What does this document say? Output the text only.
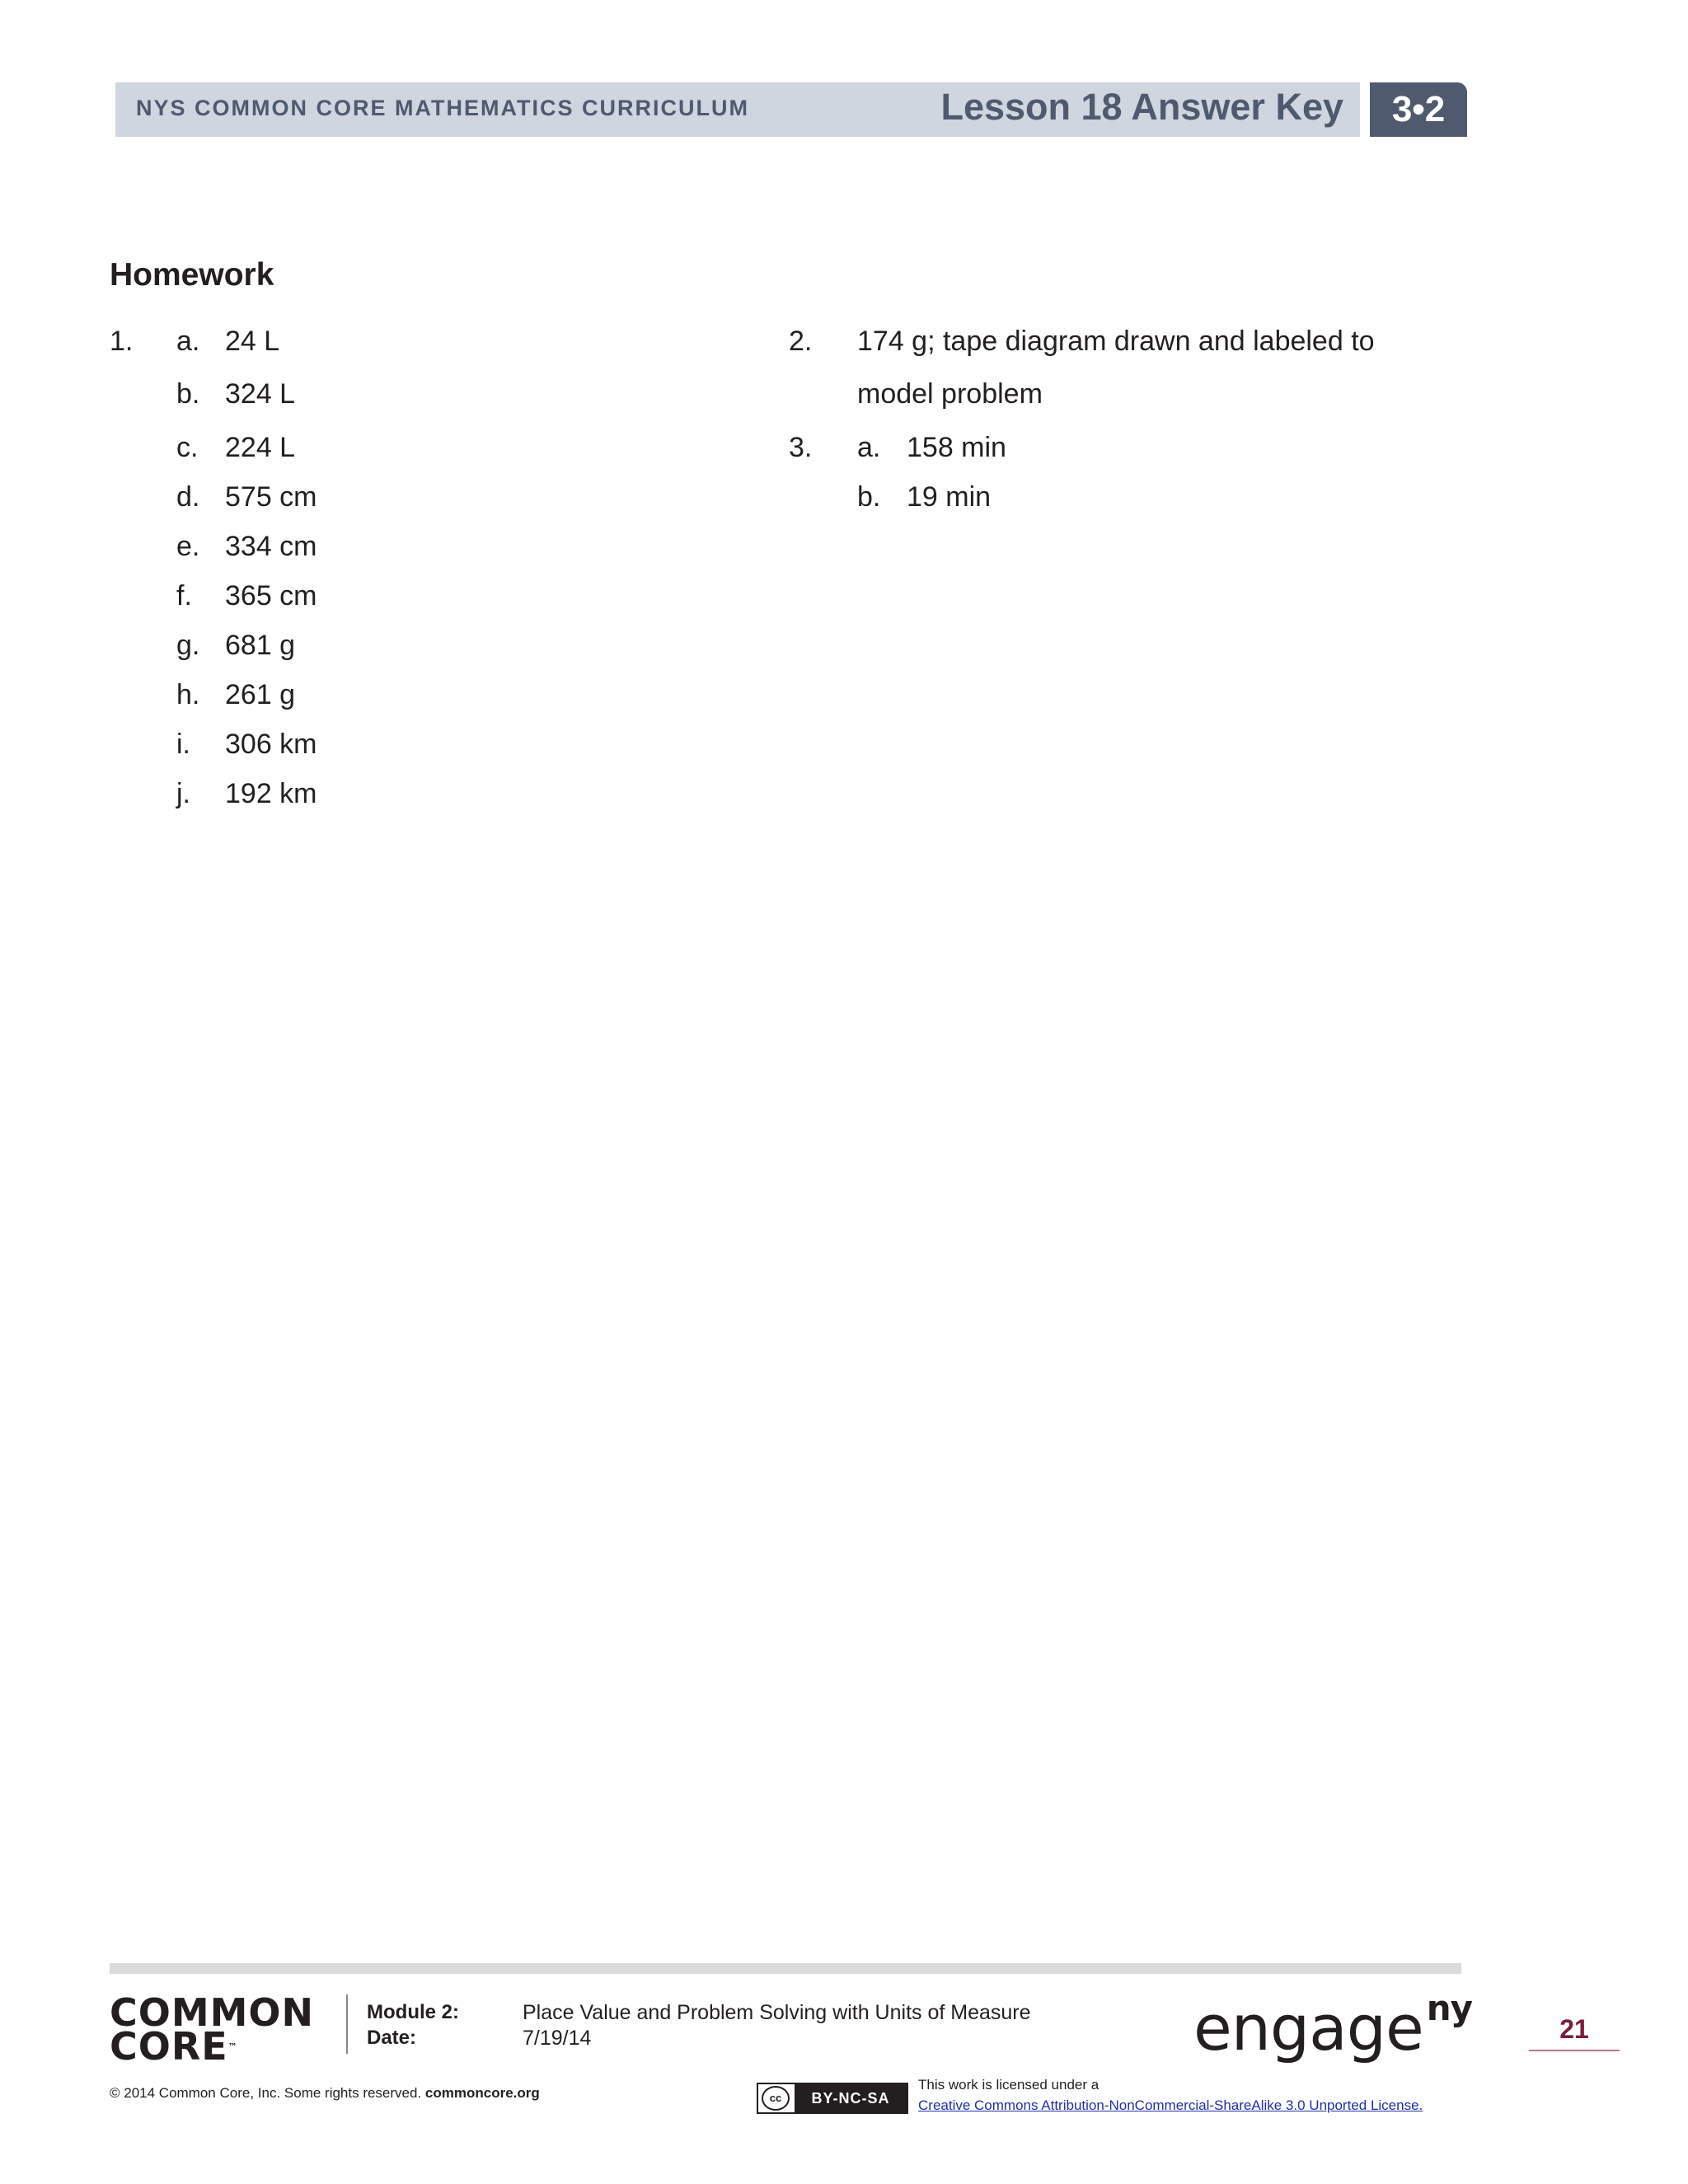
NYS COMMON CORE MATHEMATICS CURRICULUM	Lesson 18 Answer Key	3•2
Homework
1. a. 24 L
b. 324 L
c. 224 L
d. 575 cm
e. 334 cm
f. 365 cm
g. 681 g
h. 261 g
i. 306 km
j. 192 km
2. 174 g; tape diagram drawn and labeled to
model problem
3. a. 158 min
b. 19 min
COMMON
CORE™
Module 2:	Place Value and Problem Solving with Units of Measure
Date:	7/19/14	engage$^{ny}$
21
© 2014 Common Core, Inc. Some rights reserved. commoncore.org	cc	BY-NC-SA
This work is licensed under a
Creative Commons Attribution-NonCommercial-ShareAlike 3.0 Unported License.
